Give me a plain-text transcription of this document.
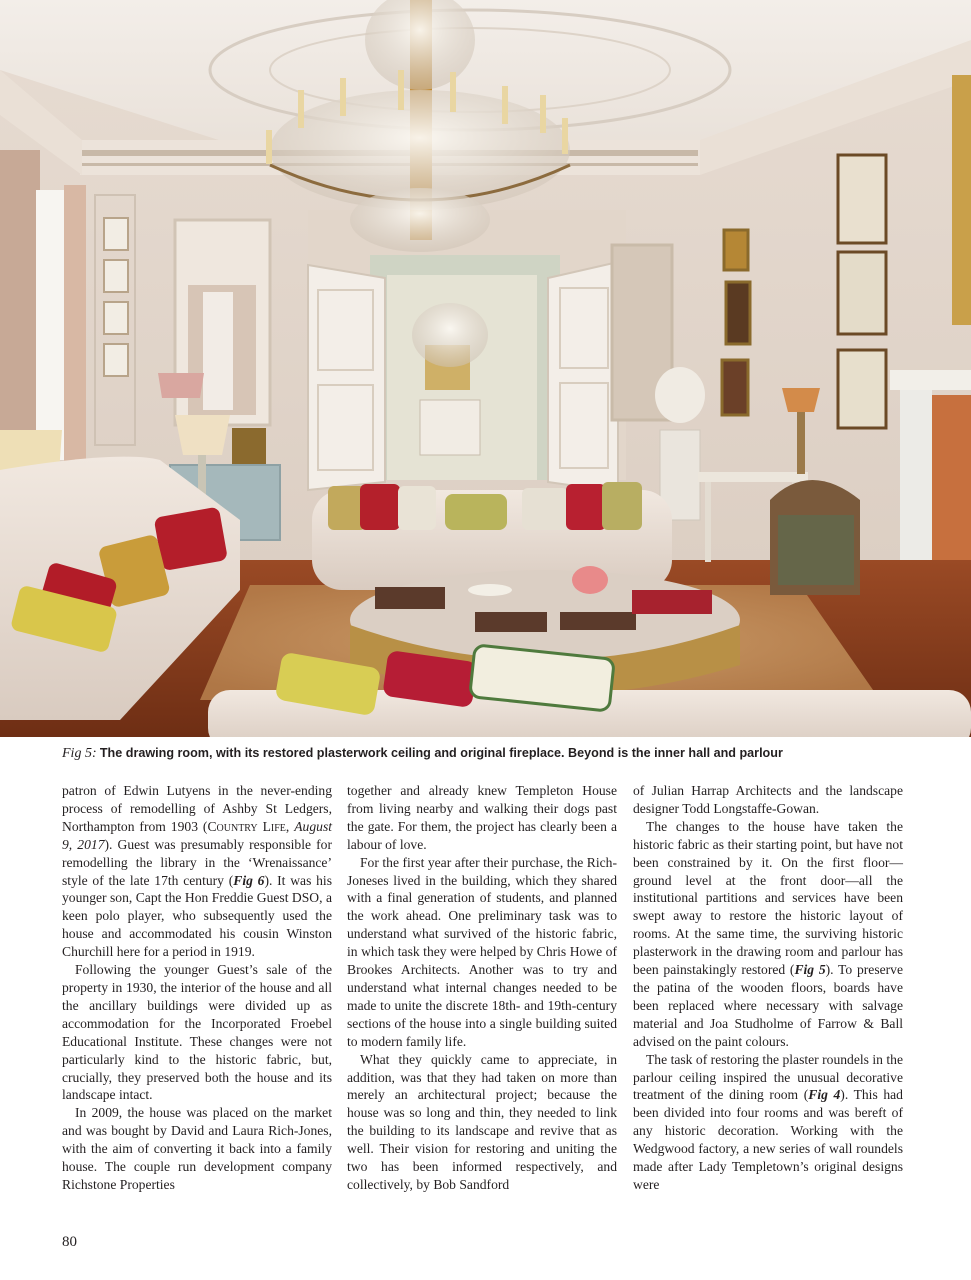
Fig 5: The drawing room, with its restored plasterwork ceiling and original fireplace. Beyond is the inner hall and parlour

patron of Edwin Lutyens in the never-ending process of remodelling of Ashby St Ledgers, Northampton from 1903 (Country Life, August 9, 2017). Guest was presumably responsible for remodelling the library in the ‘Wrenaissance’ style of the late 17th century (Fig 6). It was his younger son, Capt the Hon Freddie Guest DSO, a keen polo player, who subsequently used the house and accommodated his cousin Winston Churchill here for a period in 1919.

Following the younger Guest’s sale of the property in 1930, the interior of the house and all the ancillary buildings were divided up as accommodation for the Incorporated Froebel Educational Institute. These changes were not particularly kind to the historic fabric, but, crucially, they preserved both the house and its landscape intact.

In 2009, the house was placed on the market and was bought by David and Laura Rich-Jones, with the aim of converting it back into a family house. The couple run development company Richstone Properties

together and already knew Templeton House from living nearby and walking their dogs past the gate. For them, the project has clearly been a labour of love.

For the first year after their purchase, the Rich-Joneses lived in the building, which they shared with a final generation of students, and planned the work ahead. One preliminary task was to understand what survived of the historic fabric, in which task they were helped by Chris Howe of Brookes Architects. Another was to try and understand what internal changes needed to be made to unite the discrete 18th- and 19th-century sections of the house into a single building suited to modern family life.

What they quickly came to appreciate, in addition, was that they had taken on more than merely an architectural project; because the house was so long and thin, they needed to link the building to its landscape and revive that as well. Their vision for restoring and uniting the two has been informed respectively, and collectively, by Bob Sandford

of Julian Harrap Architects and the landscape designer Todd Longstaffe-Gowan.

The changes to the house have taken the historic fabric as their starting point, but have not been constrained by it. On the first floor—ground level at the front door—all the institutional partitions and services have been swept away to restore the historic layout of rooms. At the same time, the surviving historic plasterwork in the drawing room and parlour has been painstakingly restored (Fig 5). To preserve the patina of the wooden floors, boards have been replaced where necessary with salvage material and Joa Studholme of Farrow & Ball advised on the paint colours.

The task of restoring the plaster roundels in the parlour ceiling inspired the unusual decorative treatment of the dining room (Fig 4). This had been divided into four rooms and was bereft of any historic decoration. Working with the Wedgwood factory, a new series of wall roundels made after Lady Templetown’s original designs were

80
